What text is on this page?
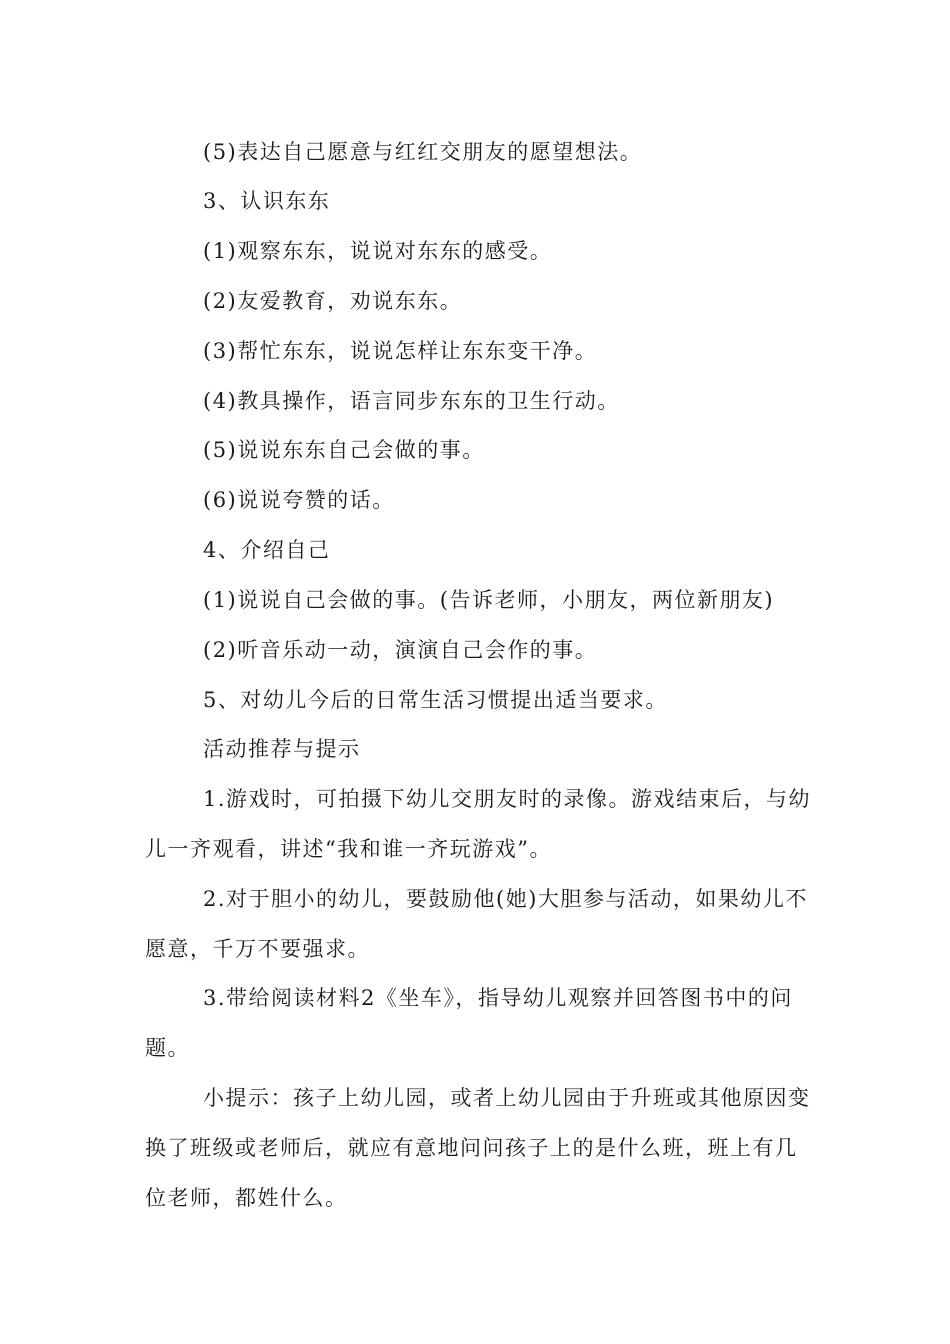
(5)表达自己愿意与红红交朋友的愿望想法。
3、认识东东
(1)观察东东，说说对东东的感受。
(2)友爱教育，劝说东东。
(3)帮忙东东，说说怎样让东东变干净。
(4)教具操作，语言同步东东的卫生行动。
(5)说说东东自己会做的事。
(6)说说夸赞的话。
4、介绍自己
(1)说说自己会做的事。(告诉老师，小朋友，两位新朋友)
(2)听音乐动一动，演演自己会作的事。
5、对幼儿今后的日常生活习惯提出适当要求。
活动推荐与提示
1.游戏时，可拍摄下幼儿交朋友时的录像。游戏结束后，与幼
儿一齐观看，讲述“我和谁一齐玩游戏”。
2.对于胆小的幼儿，要鼓励他(她)大胆参与活动，如果幼儿不
愿意，千万不要强求。
3.带给阅读材料2《坐车》，指导幼儿观察并回答图书中的问
题。
小提示：孩子上幼儿园，或者上幼儿园由于升班或其他原因变
换了班级或老师后，就应有意地问问孩子上的是什么班，班上有几
位老师，都姓什么。
